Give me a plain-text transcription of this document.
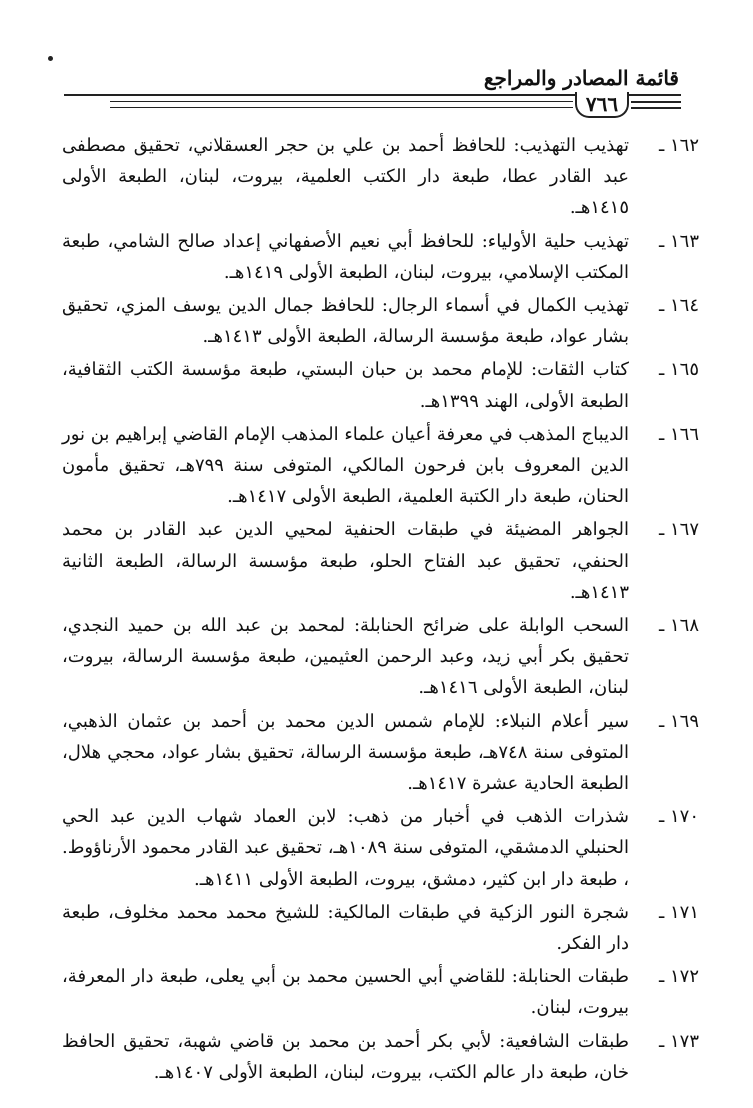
قائمة المصادر والمراجع
٧٦٦
١٦٢ ـ
تهذيب التهذيب: للحافظ أحمد بن علي بن حجر العسقلاني، تحقيق مصطفى عبد القادر عطا، طبعة دار الكتب العلمية، بيروت، لبنان، الطبعة الأولى ١٤١٥هـ.
١٦٣ ـ
تهذيب حلية الأولياء: للحافظ أبي نعيم الأصفهاني إعداد صالح الشامي، طبعة المكتب الإسلامي، بيروت، لبنان، الطبعة الأولى ١٤١٩هـ.
١٦٤ ـ
تهذيب الكمال في أسماء الرجال: للحافظ جمال الدين يوسف المزي، تحقيق بشار عواد، طبعة مؤسسة الرسالة، الطبعة الأولى ١٤١٣هـ.
١٦٥ ـ
كتاب الثقات: للإمام محمد بن حبان البستي، طبعة مؤسسة الكتب الثقافية، الطبعة الأولى، الهند ١٣٩٩هـ.
١٦٦ ـ
الديباج المذهب في معرفة أعيان علماء المذهب الإمام القاضي إبراهيم بن نور الدين المعروف بابن فرحون المالكي، المتوفى سنة ٧٩٩هـ، تحقيق مأمون الحنان، طبعة دار الكتبة العلمية، الطبعة الأولى ١٤١٧هـ.
١٦٧ ـ
الجواهر المضيئة في طبقات الحنفية لمحيي الدين عبد القادر بن محمد الحنفي، تحقيق عبد الفتاح الحلو، طبعة مؤسسة الرسالة، الطبعة الثانية ١٤١٣هـ.
١٦٨ ـ
السحب الوابلة على ضرائح الحنابلة: لمحمد بن عبد الله بن حميد النجدي، تحقيق بكر أبي زيد، وعبد الرحمن العثيمين، طبعة مؤسسة الرسالة، بيروت، لبنان، الطبعة الأولى ١٤١٦هـ.
١٦٩ ـ
سير أعلام النبلاء: للإمام شمس الدين محمد بن أحمد بن عثمان الذهبي، المتوفى سنة ٧٤٨هـ، طبعة مؤسسة الرسالة، تحقيق بشار عواد، محجي هلال، الطبعة الحادية عشرة ١٤١٧هـ.
١٧٠ ـ
شذرات الذهب في أخبار من ذهب: لابن العماد شهاب الدين عبد الحي الحنبلي الدمشقي، المتوفى سنة ١٠٨٩هـ، تحقيق عبد القادر محمود الأرناؤوط. ، طبعة دار ابن كثير، دمشق، بيروت، الطبعة الأولى ١٤١١هـ.
١٧١ ـ
شجرة النور الزكية في طبقات المالكية: للشيخ محمد محمد مخلوف، طبعة دار الفكر.
١٧٢ ـ
طبقات الحنابلة: للقاضي أبي الحسين محمد بن أبي يعلى، طبعة دار المعرفة، بيروت، لبنان.
١٧٣ ـ
طبقات الشافعية: لأبي بكر أحمد بن محمد بن قاضي شهبة، تحقيق الحافظ خان، طبعة دار عالم الكتب، بيروت، لبنان، الطبعة الأولى ١٤٠٧هـ.
